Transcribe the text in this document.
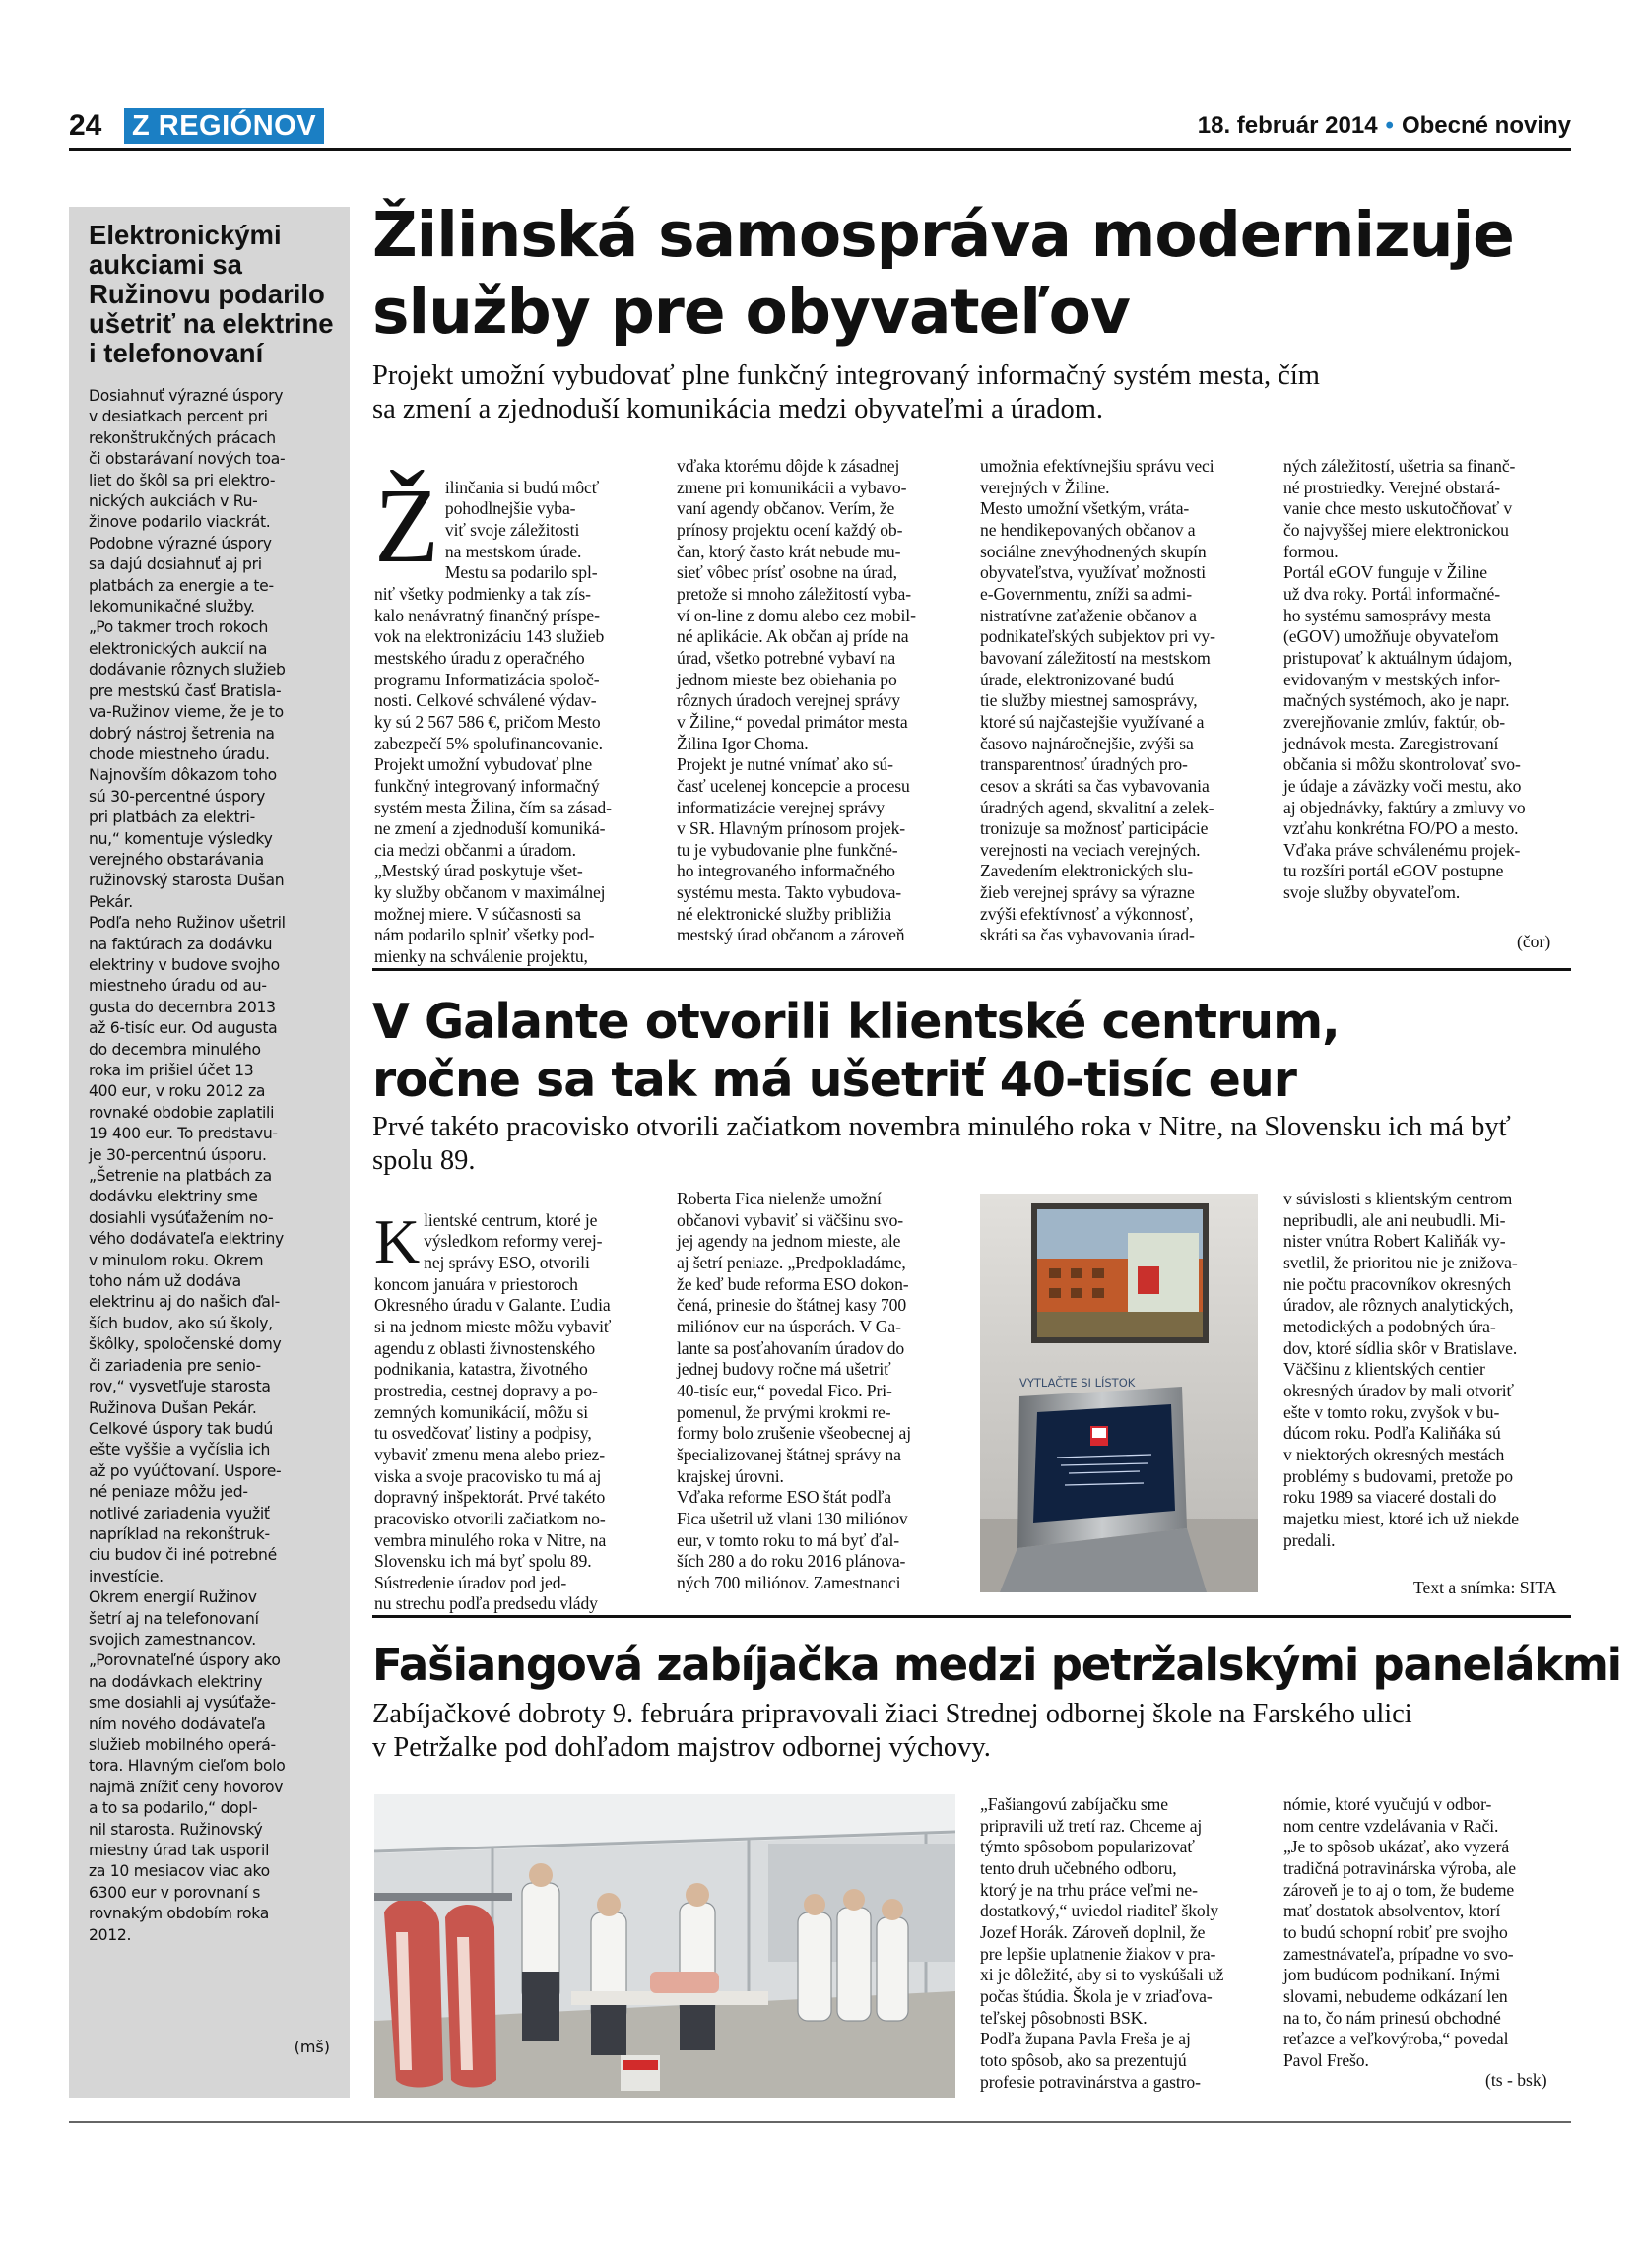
24 Z REGIÓNOV	18. február 2014 • Obecné noviny
Elektronickými aukciami sa Ružinovu podarilo ušetriť na elektrine i telefonovaní
Dosiahnuť výrazné úspory
v desiatkach percent pri
rekonštrukčných prácach
či obstarávaní nových toa-
liet do škôl sa pri elektro-
nických aukciách v Ru-
žinove podarilo viackrát.
Podobne výrazné úspory
sa dajú dosiahnuť aj pri
platbách za energie a te-
lekomunikačné služby.
„Po takmer troch rokoch
elektronických aukcií na
dodávanie rôznych služieb
pre mestskú časť Bratisla-
va-Ružinov vieme, že je to
dobrý nástroj šetrenia na
chode miestneho úradu.
Najnovším dôkazom toho
sú 30-percentné úspory
pri platbách za elektri-
nu,“ komentuje výsledky
verejného obstarávania
ružinovský starosta Dušan
Pekár.
Podľa neho Ružinov ušetril
na faktúrach za dodávku
elektriny v budove svojho
miestneho úradu od au-
gusta do decembra 2013
až 6-tisíc eur. Od augusta
do decembra minulého
roka im prišiel účet 13
400 eur, v roku 2012 za
rovnaké obdobie zaplatili
19 400 eur. To predstavu-
je 30-percentnú úsporu.
„Šetrenie na platbách za
dodávku elektriny sme
dosiahli vysúťažením no-
vého dodávateľa elektriny
v minulom roku. Okrem
toho nám už dodáva
elektrinu aj do našich ďal-
ších budov, ako sú školy,
škôlky, spoločenské domy
či zariadenia pre senio-
rov,“ vysvetľuje starosta
Ružinova Dušan Pekár.
Celkové úspory tak budú
ešte vyššie a vyčíslia ich
až po vyúčtovaní. Uspore-
né peniaze môžu jed-
notlivé zariadenia využiť
napríklad na rekonštruk-
ciu budov či iné potrebné
investície.
Okrem energií Ružinov
šetrí aj na telefonovaní
svojich zamestnancov.
„Porovnateľné úspory ako
na dodávkach elektriny
sme dosiahli aj vysúťaže-
ním nového dodávateľa
služieb mobilného operá-
tora. Hlavným cieľom bolo
najmä znížiť ceny hovorov
a to sa podarilo,“ dopl-
nil starosta. Ružinovský
miestny úrad tak usporil
za 10 mesiacov viac ako
6300 eur v porovnaní s
rovnakým obdobím roka
2012.
(mš)
Žilinská samospráva modernizuje
služby pre obyvateľov
Projekt umožní vybudovať plne funkčný integrovaný informačný systém mesta, čím
sa zmení a zjednoduší komunikácia medzi obyvateľmi a úradom.

Žilinčania si budú môcť
pohodlnejšie vyba-
viť svoje záležitosti
na mestskom úrade.
Mestu sa podarilo spl-
niť všetky podmienky a tak zís-
kalo nenávratný finančný príspe-
vok na elektronizáciu 143 služieb
mestského úradu z operačného
programu Informatizácia spoloč-
nosti. Celkové schválené výdav-
ky sú 2 567 586 €, pričom Mesto
zabezpečí 5% spolufinancovanie.
Projekt umožní vybudovať plne
funkčný integrovaný informačný
systém mesta Žilina, čím sa zásad-
ne zmení a zjednoduší komuniká-
cia medzi občanmi a úradom.
„Mestský úrad poskytuje všet-
ky služby občanom v maximálnej
možnej miere. V súčasnosti sa
nám podarilo splniť všetky pod-
mienky na schválenie projektu,

vďaka ktorému dôjde k zásadnej
zmene pri komunikácii a vybavo-
vaní agendy občanov. Verím, že
prínosy projektu ocení každý ob-
čan, ktorý často krát nebude mu-
sieť vôbec prísť osobne na úrad,
pretože si mnoho záležitostí vyba-
ví on-line z domu alebo cez mobil-
né aplikácie. Ak občan aj príde na
úrad, všetko potrebné vybaví na
jednom mieste bez obiehania po
rôznych úradoch verejnej správy
v Žiline,“ povedal primátor mesta
Žilina Igor Choma.
Projekt je nutné vnímať ako sú-
časť ucelenej koncepcie a procesu
informatizácie verejnej správy
v SR. Hlavným prínosom projek-
tu je vybudovanie plne funkčné-
ho integrovaného informačného
systému mesta. Takto vybudova-
né elektronické služby približia
mestský úrad občanom a zároveň
umožnia efektívnejšiu správu veci
verejných v Žiline.
Mesto umožní všetkým, vráta-
ne hendikepovaných občanov a
sociálne znevýhodnených skupín
obyvateľstva, využívať možnosti
e-Governmentu, zníži sa admi-
nistratívne zaťaženie občanov a
podnikateľských subjektov pri vy-
bavovaní záležitostí na mestskom
úrade, elektronizované budú
tie služby miestnej samosprávy,
ktoré sú najčastejšie využívané a
časovo najnáročnejšie, zvýši sa
transparentnosť úradných pro-
cesov a skráti sa čas vybavovania
úradných agend, skvalitní a zelek-
tronizuje sa možnosť participácie
verejnosti na veciach verejných.
Zavedením elektronických slu-
žieb verejnej správy sa výrazne
zvýši efektívnosť a výkonnosť,
skráti sa čas vybavovania úrad-
ných záležitostí, ušetria sa finanč-
né prostriedky. Verejné obstará-
vanie chce mesto uskutočňovať v
čo najvyššej miere elektronickou
formou.
Portál eGOV funguje v Žiline
už dva roky. Portál informačné-
ho systému samosprávy mesta
(eGOV) umožňuje obyvateľom
pristupovať k aktuálnym údajom,
evidovaným v mestských infor-
mačných systémoch, ako je napr.
zverejňovanie zmlúv, faktúr, ob-
jednávok mesta. Zaregistrovaní
občania si môžu skontrolovať svo-
je údaje a záväzky voči mestu, ako
aj objednávky, faktúry a zmluvy vo
vzťahu konkrétna FO/PO a mesto.
Vďaka práve schválenému projek-
tu rozšíri portál eGOV postupne
svoje služby obyvateľom.
(čor)
V Galante otvorili klientské centrum,
ročne sa tak má ušetriť 40-tisíc eur
Prvé takéto pracovisko otvorili začiatkom novembra minulého roka v Nitre, na Slovensku ich má byť
spolu 89.

Klientské centrum, ktoré je
výsledkom reformy verej-
nej správy ESO, otvorili
koncom januára v priestoroch
Okresného úradu v Galante. Ľudia
si na jednom mieste môžu vybaviť
agendu z oblasti živnostenského
podnikania, katastra, životného
prostredia, cestnej dopravy a po-
zemných komunikácií, môžu si
tu osvedčovať listiny a podpisy,
vybaviť zmenu mena alebo priez-
viska a svoje pracovisko tu má aj
dopravný inšpektorát. Prvé takéto
pracovisko otvorili začiatkom no-
vembra minulého roka v Nitre, na
Slovensku ich má byť spolu 89.
Sústredenie úradov pod jed-
nu strechu podľa predsedu vlády

Roberta Fica nielenže umožní
občanovi vybaviť si väčšinu svo-
jej agendy na jednom mieste, ale
aj šetrí peniaze. „Predpokladáme,
že keď bude reforma ESO dokon-
čená, prinesie do štátnej kasy 700
miliónov eur na úsporách. V Ga-
lante sa posťahovaním úradov do
jednej budovy ročne má ušetriť
40-tisíc eur,“ povedal Fico. Pri-
pomenul, že prvými krokmi re-
formy bolo zrušenie všeobecnej aj
špecializovanej štátnej správy na
krajskej úrovni.
Vďaka reforme ESO štát podľa
Fica ušetril už vlani 130 miliónov
eur, v tomto roku to má byť ďal-
ších 280 a do roku 2016 plánova-
ných 700 miliónov. Zamestnanci
VYTLAČTE SI LÍSTOK
v súvislosti s klientským centrom
nepribudli, ale ani neubudli. Mi-
nister vnútra Robert Kaliňák vy-
svetlil, že prioritou nie je znižova-
nie počtu pracovníkov okresných
úradov, ale rôznych analytických,
metodických a podobných úra-
dov, ktoré sídlia skôr v Bratislave.
Väčšinu z klientských centier
okresných úradov by mali otvoriť
ešte v tomto roku, zvyšok v bu-
dúcom roku. Podľa Kaliňáka sú
v niektorých okresných mestách
problémy s budovami, pretože po
roku 1989 sa viaceré dostali do
majetku miest, ktoré ich už niekde
predali.
Text a snímka: SITA
Fašiangová zabíjačka medzi petržalskými panelákmi
Zabíjačkové dobroty 9. februára pripravovali žiaci Strednej odbornej škole na Farského ulici
v Petržalke pod dohľadom majstrov odbornej výchovy.
„Fašiangovú zabíjačku sme
pripravili už tretí raz. Chceme aj
týmto spôsobom popularizovať
tento druh učebného odboru,
ktorý je na trhu práce veľmi ne-
dostatkový,“ uviedol riaditeľ školy
Jozef Horák. Zároveň doplnil, že
pre lepšie uplatnenie žiakov v pra-
xi je dôležité, aby si to vyskúšali už
počas štúdia. Škola je v zriaďova-
teľskej pôsobnosti BSK.
Podľa župana Pavla Freša je aj
toto spôsob, ako sa prezentujú
profesie potravinárstva a gastro-
nómie, ktoré vyučujú v odbor-
nom centre vzdelávania v Rači.
„Je to spôsob ukázať, ako vyzerá
tradičná potravinárska výroba, ale
zároveň je to aj o tom, že budeme
mať dostatok absolventov, ktorí
to budú schopní robiť pre svojho
zamestnávateľa, prípadne vo svo-
jom budúcom podnikaní. Inými
slovami, nebudeme odkázaní len
na to, čo nám prinesú obchodné
reťazce a veľkovýroba,“ povedal
Pavol Frešo.
(ts - bsk)
